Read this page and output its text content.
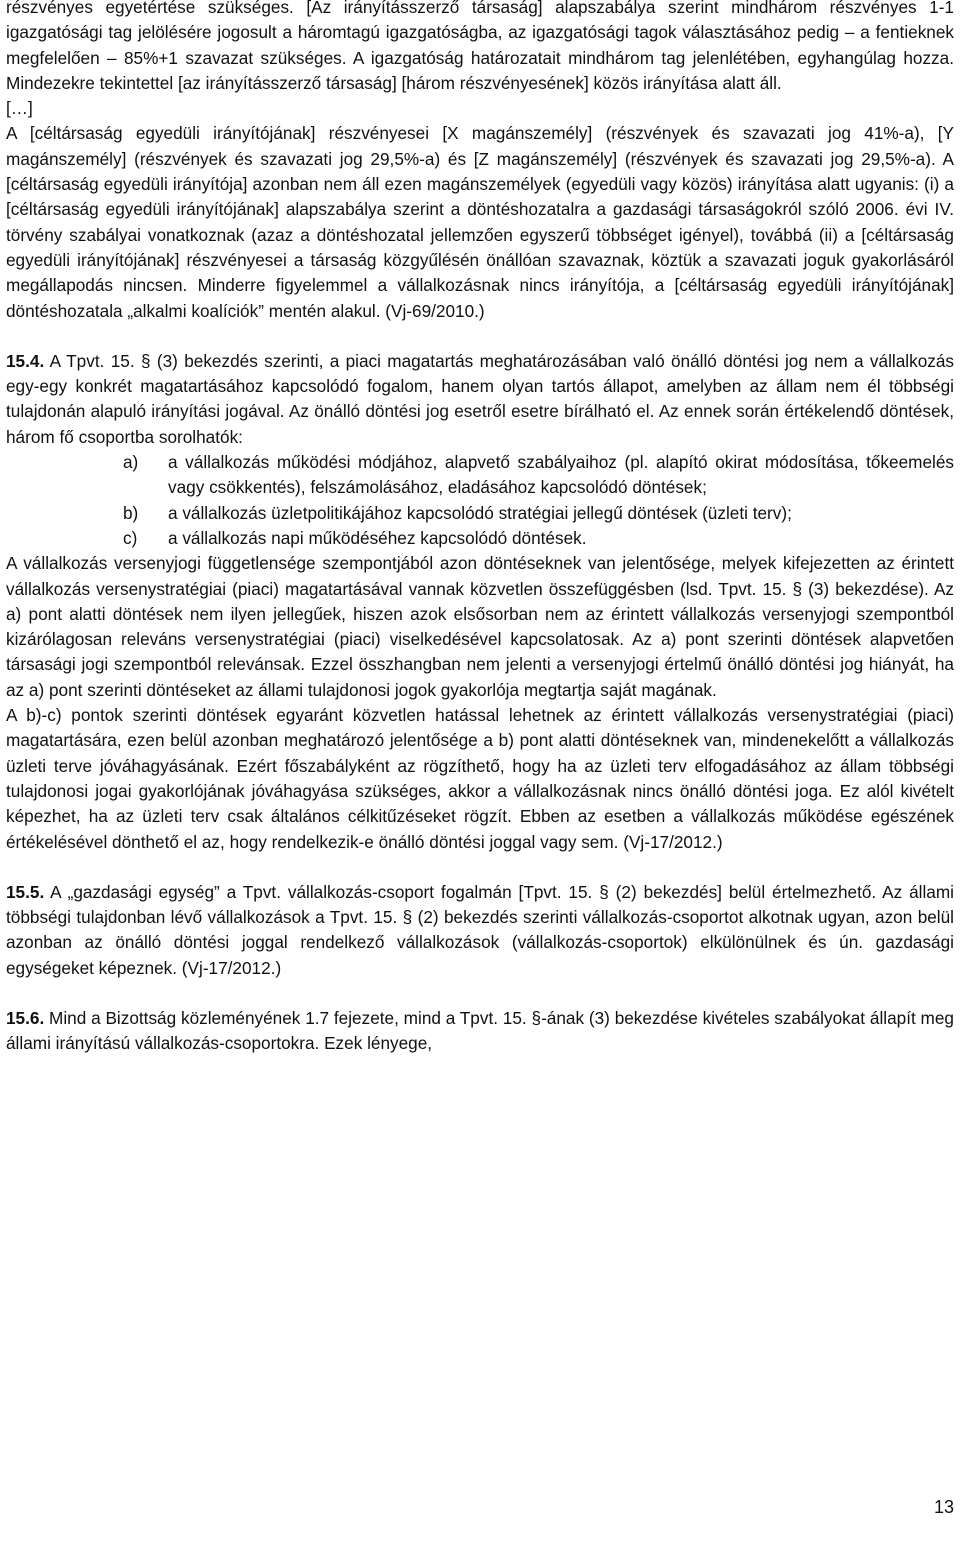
részvényes egyetértése szükséges. [Az irányításszerző társaság] alapszabálya szerint mindhárom részvényes 1-1 igazgatósági tag jelölésére jogosult a háromtagú igazgatóságba, az igazgatósági tagok választásához pedig – a fentieknek megfelelően – 85%+1 szavazat szükséges. A igazgatóság határozatait mindhárom tag jelenlétében, egyhangúlag hozza. Mindezekre tekintettel [az irányításszerző társaság] [három részvényesének] közös irányítása alatt áll.

[…]

A [céltársaság egyedüli irányítójának] részvényesei [X magánszemély] (részvények és szavazati jog 41%-a), [Y magánszemély] (részvények és szavazati jog 29,5%-a) és [Z magánszemély] (részvények és szavazati jog 29,5%-a). A [céltársaság egyedüli irányítója] azonban nem áll ezen magánszemélyek (egyedüli vagy közös) irányítása alatt ugyanis: (i) a [céltársaság egyedüli irányítójának] alapszabálya szerint a döntéshozatalra a gazdasági társaságokról szóló 2006. évi IV. törvény szabályai vonatkoznak (azaz a döntéshozatal jellemzően egyszerű többséget igényel), továbbá (ii) a [céltársaság egyedüli irányítójának] részvényesei a társaság közgyűlésén önállóan szavaznak, köztük a szavazati joguk gyakorlásáról megállapodás nincsen. Minderre figyelemmel a vállalkozásnak nincs irányítója, a [céltársaság egyedüli irányítójának] döntéshozatala „alkalmi koalíciók” mentén alakul. (Vj-69/2010.)

15.4. A Tpvt. 15. § (3) bekezdés szerinti, a piaci magatartás meghatározásában való önálló döntési jog nem a vállalkozás egy-egy konkrét magatartásához kapcsolódó fogalom, hanem olyan tartós állapot, amelyben az állam nem él többségi tulajdonán alapuló irányítási jogával. Az önálló döntési jog esetről esetre bírálható el. Az ennek során értékelendő döntések, három fő csoportba sorolhatók:

a)	a vállalkozás működési módjához, alapvető szabályaihoz (pl. alapító okirat módosítása, tőkeemelés vagy csökkentés), felszámolásához, eladásához kapcsolódó döntések;
b)	a vállalkozás üzletpolitikájához kapcsolódó stratégiai jellegű döntések (üzleti terv);
c)	a vállalkozás napi működéséhez kapcsolódó döntések.

A vállalkozás versenyjogi függetlensége szempontjából azon döntéseknek van jelentősége, melyek kifejezetten az érintett vállalkozás versenystratégiai (piaci) magatartásával vannak közvetlen összefüggésben (lsd. Tpvt. 15. § (3) bekezdése). Az a) pont alatti döntések nem ilyen jellegűek, hiszen azok elsősorban nem az érintett vállalkozás versenyjogi szempontból kizárólagosan releváns versenystratégiai (piaci) viselkedésével kapcsolatosak. Az a) pont szerinti döntések alapvetően társasági jogi szempontból relevánsak. Ezzel összhangban nem jelenti a versenyjogi értelmű önálló döntési jog hiányát, ha az a) pont szerinti döntéseket az állami tulajdonosi jogok gyakorlója megtartja saját magának.

A b)-c) pontok szerinti döntések egyaránt közvetlen hatással lehetnek az érintett vállalkozás versenystratégiai (piaci) magatartására, ezen belül azonban meghatározó jelentősége a b) pont alatti döntéseknek van, mindenekelőtt a vállalkozás üzleti terve jóváhagyásának. Ezért főszabályként az rögzíthető, hogy ha az üzleti terv elfogadásához az állam többségi tulajdonosi jogai gyakorlójának jóváhagyása szükséges, akkor a vállalkozásnak nincs önálló döntési joga. Ez alól kivételt képezhet, ha az üzleti terv csak általános célkitűzéseket rögzít. Ebben az esetben a vállalkozás működése egészének értékelésével dönthető el az, hogy rendelkezik-e önálló döntési joggal vagy sem. (Vj-17/2012.)

15.5. A „gazdasági egység” a Tpvt. vállalkozás-csoport fogalmán [Tpvt. 15. § (2) bekezdés] belül értelmezhető. Az állami többségi tulajdonban lévő vállalkozások a Tpvt. 15. § (2) bekezdés szerinti vállalkozás-csoportot alkotnak ugyan, azon belül azonban az önálló döntési joggal rendelkező vállalkozások (vállalkozás-csoportok) elkülönülnek és ún. gazdasági egységeket képeznek. (Vj-17/2012.)

15.6. Mind a Bizottság közleményének 1.7 fejezete, mind a Tpvt. 15. §-ának (3) bekezdése kivételes szabályokat állapít meg állami irányítású vállalkozás-csoportokra. Ezek lényege,

13
